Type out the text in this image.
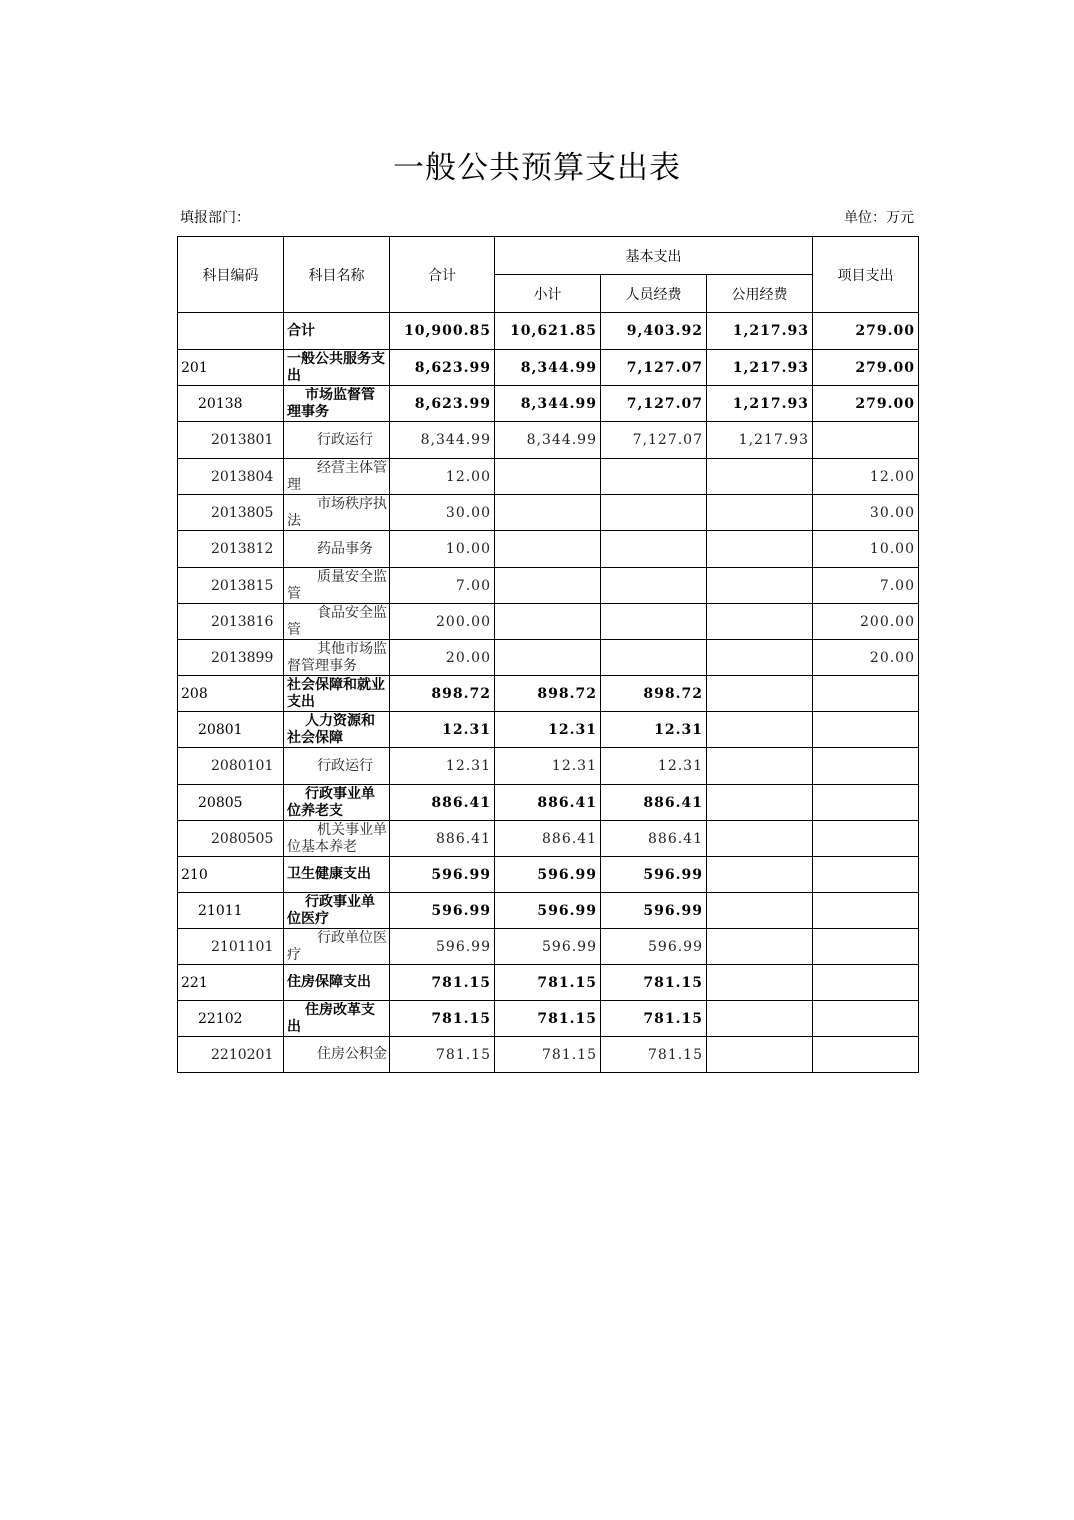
一般公共预算支出表
填报部门：	单位：万元
科目编码	科目名称	合计	基本支出			项目支出
			小计	人员经费	公用经费	

	合计	10,900.85	10,621.85	9,403.92	1,217.93	279.00
201	一般公共服务支出	8,623.99	8,344.99	7,127.07	1,217.93	279.00
20138	市场监督管理事务	8,623.99	8,344.99	7,127.07	1,217.93	279.00
2013801	行政运行	8,344.99	8,344.99	7,127.07	1,217.93	
2013804	经营主体管理	12.00				12.00
2013805	市场秩序执法	30.00				30.00
2013812	药品事务	10.00				10.00
2013815	质量安全监管	7.00				7.00
2013816	食品安全监管	200.00				200.00
2013899	其他市场监督管理事务	20.00				20.00
208	社会保障和就业支出	898.72	898.72	898.72		
20801	人力资源和社会保障	12.31	12.31	12.31		
2080101	行政运行	12.31	12.31	12.31		
20805	行政事业单位养老支	886.41	886.41	886.41		
2080505	机关事业单位基本养老	886.41	886.41	886.41		
210	卫生健康支出	596.99	596.99	596.99		
21011	行政事业单位医疗	596.99	596.99	596.99		
2101101	行政单位医疗	596.99	596.99	596.99		
221	住房保障支出	781.15	781.15	781.15		
22102	住房改革支出	781.15	781.15	781.15		
2210201	住房公积金	781.15	781.15	781.15		
